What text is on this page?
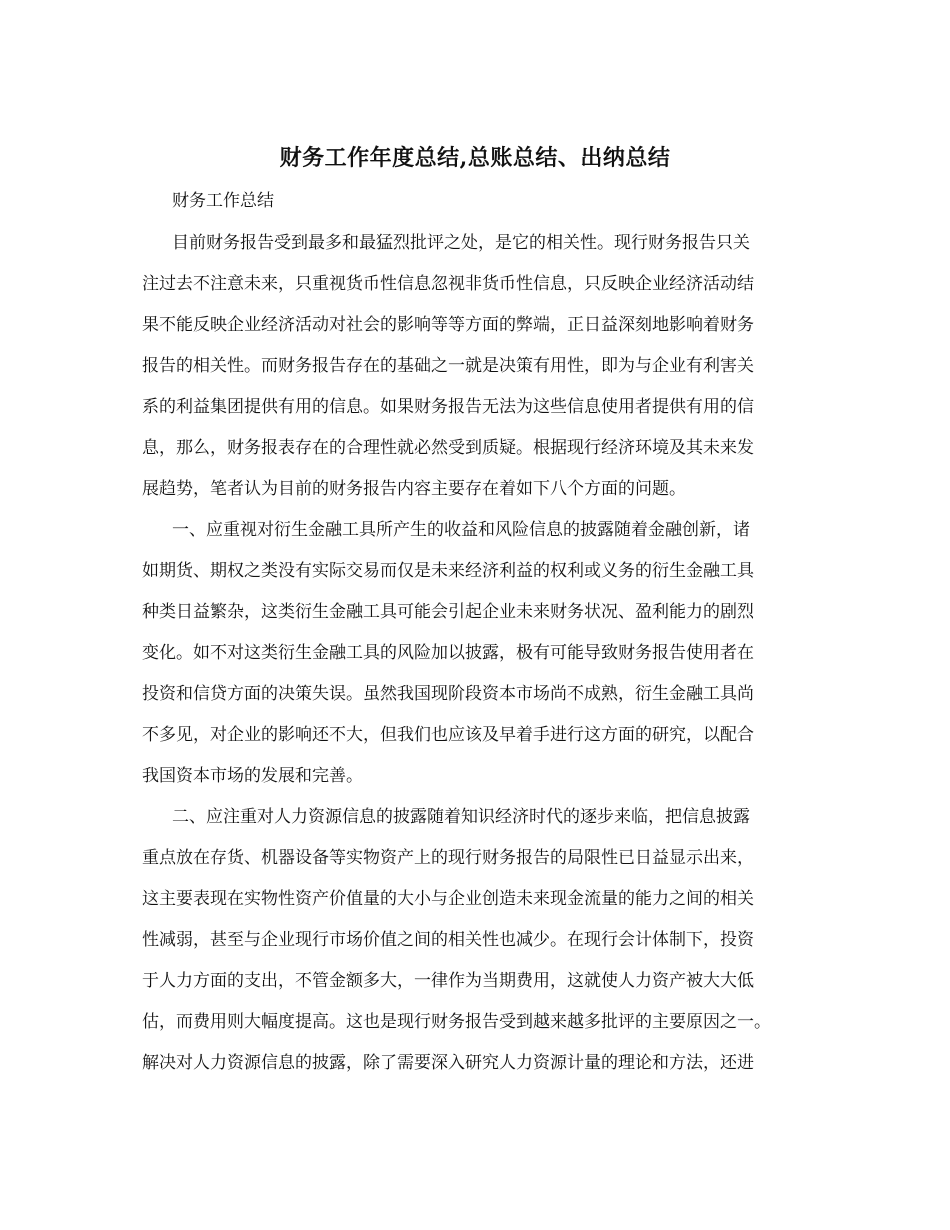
财务工作年度总结,总账总结、出纳总结
财务工作总结
目前财务报告受到最多和最猛烈批评之处，是它的相关性。现行财务报告只关
注过去不注意未来，只重视货币性信息忽视非货币性信息，只反映企业经济活动结
果不能反映企业经济活动对社会的影响等等方面的弊端，正日益深刻地影响着财务
报告的相关性。而财务报告存在的基础之一就是决策有用性，即为与企业有利害关
系的利益集团提供有用的信息。如果财务报告无法为这些信息使用者提供有用的信
息，那么，财务报表存在的合理性就必然受到质疑。根据现行经济环境及其未来发
展趋势，笔者认为目前的财务报告内容主要存在着如下八个方面的问题。
一、应重视对衍生金融工具所产生的收益和风险信息的披露随着金融创新，诸
如期货、期权之类没有实际交易而仅是未来经济利益的权利或义务的衍生金融工具
种类日益繁杂，这类衍生金融工具可能会引起企业未来财务状况、盈利能力的剧烈
变化。如不对这类衍生金融工具的风险加以披露，极有可能导致财务报告使用者在
投资和信贷方面的决策失误。虽然我国现阶段资本市场尚不成熟，衍生金融工具尚
不多见，对企业的影响还不大，但我们也应该及早着手进行这方面的研究，以配合
我国资本市场的发展和完善。
二、应注重对人力资源信息的披露随着知识经济时代的逐步来临，把信息披露
重点放在存货、机器设备等实物资产上的现行财务报告的局限性已日益显示出来，
这主要表现在实物性资产价值量的大小与企业创造未来现金流量的能力之间的相关
性减弱，甚至与企业现行市场价值之间的相关性也减少。在现行会计体制下，投资
于人力方面的支出，不管金额多大，一律作为当期费用，这就使人力资产被大大低
估，而费用则大幅度提高。这也是现行财务报告受到越来越多批评的主要原因之一。
解决对人力资源信息的披露，除了需要深入研究人力资源计量的理论和方法，还进
